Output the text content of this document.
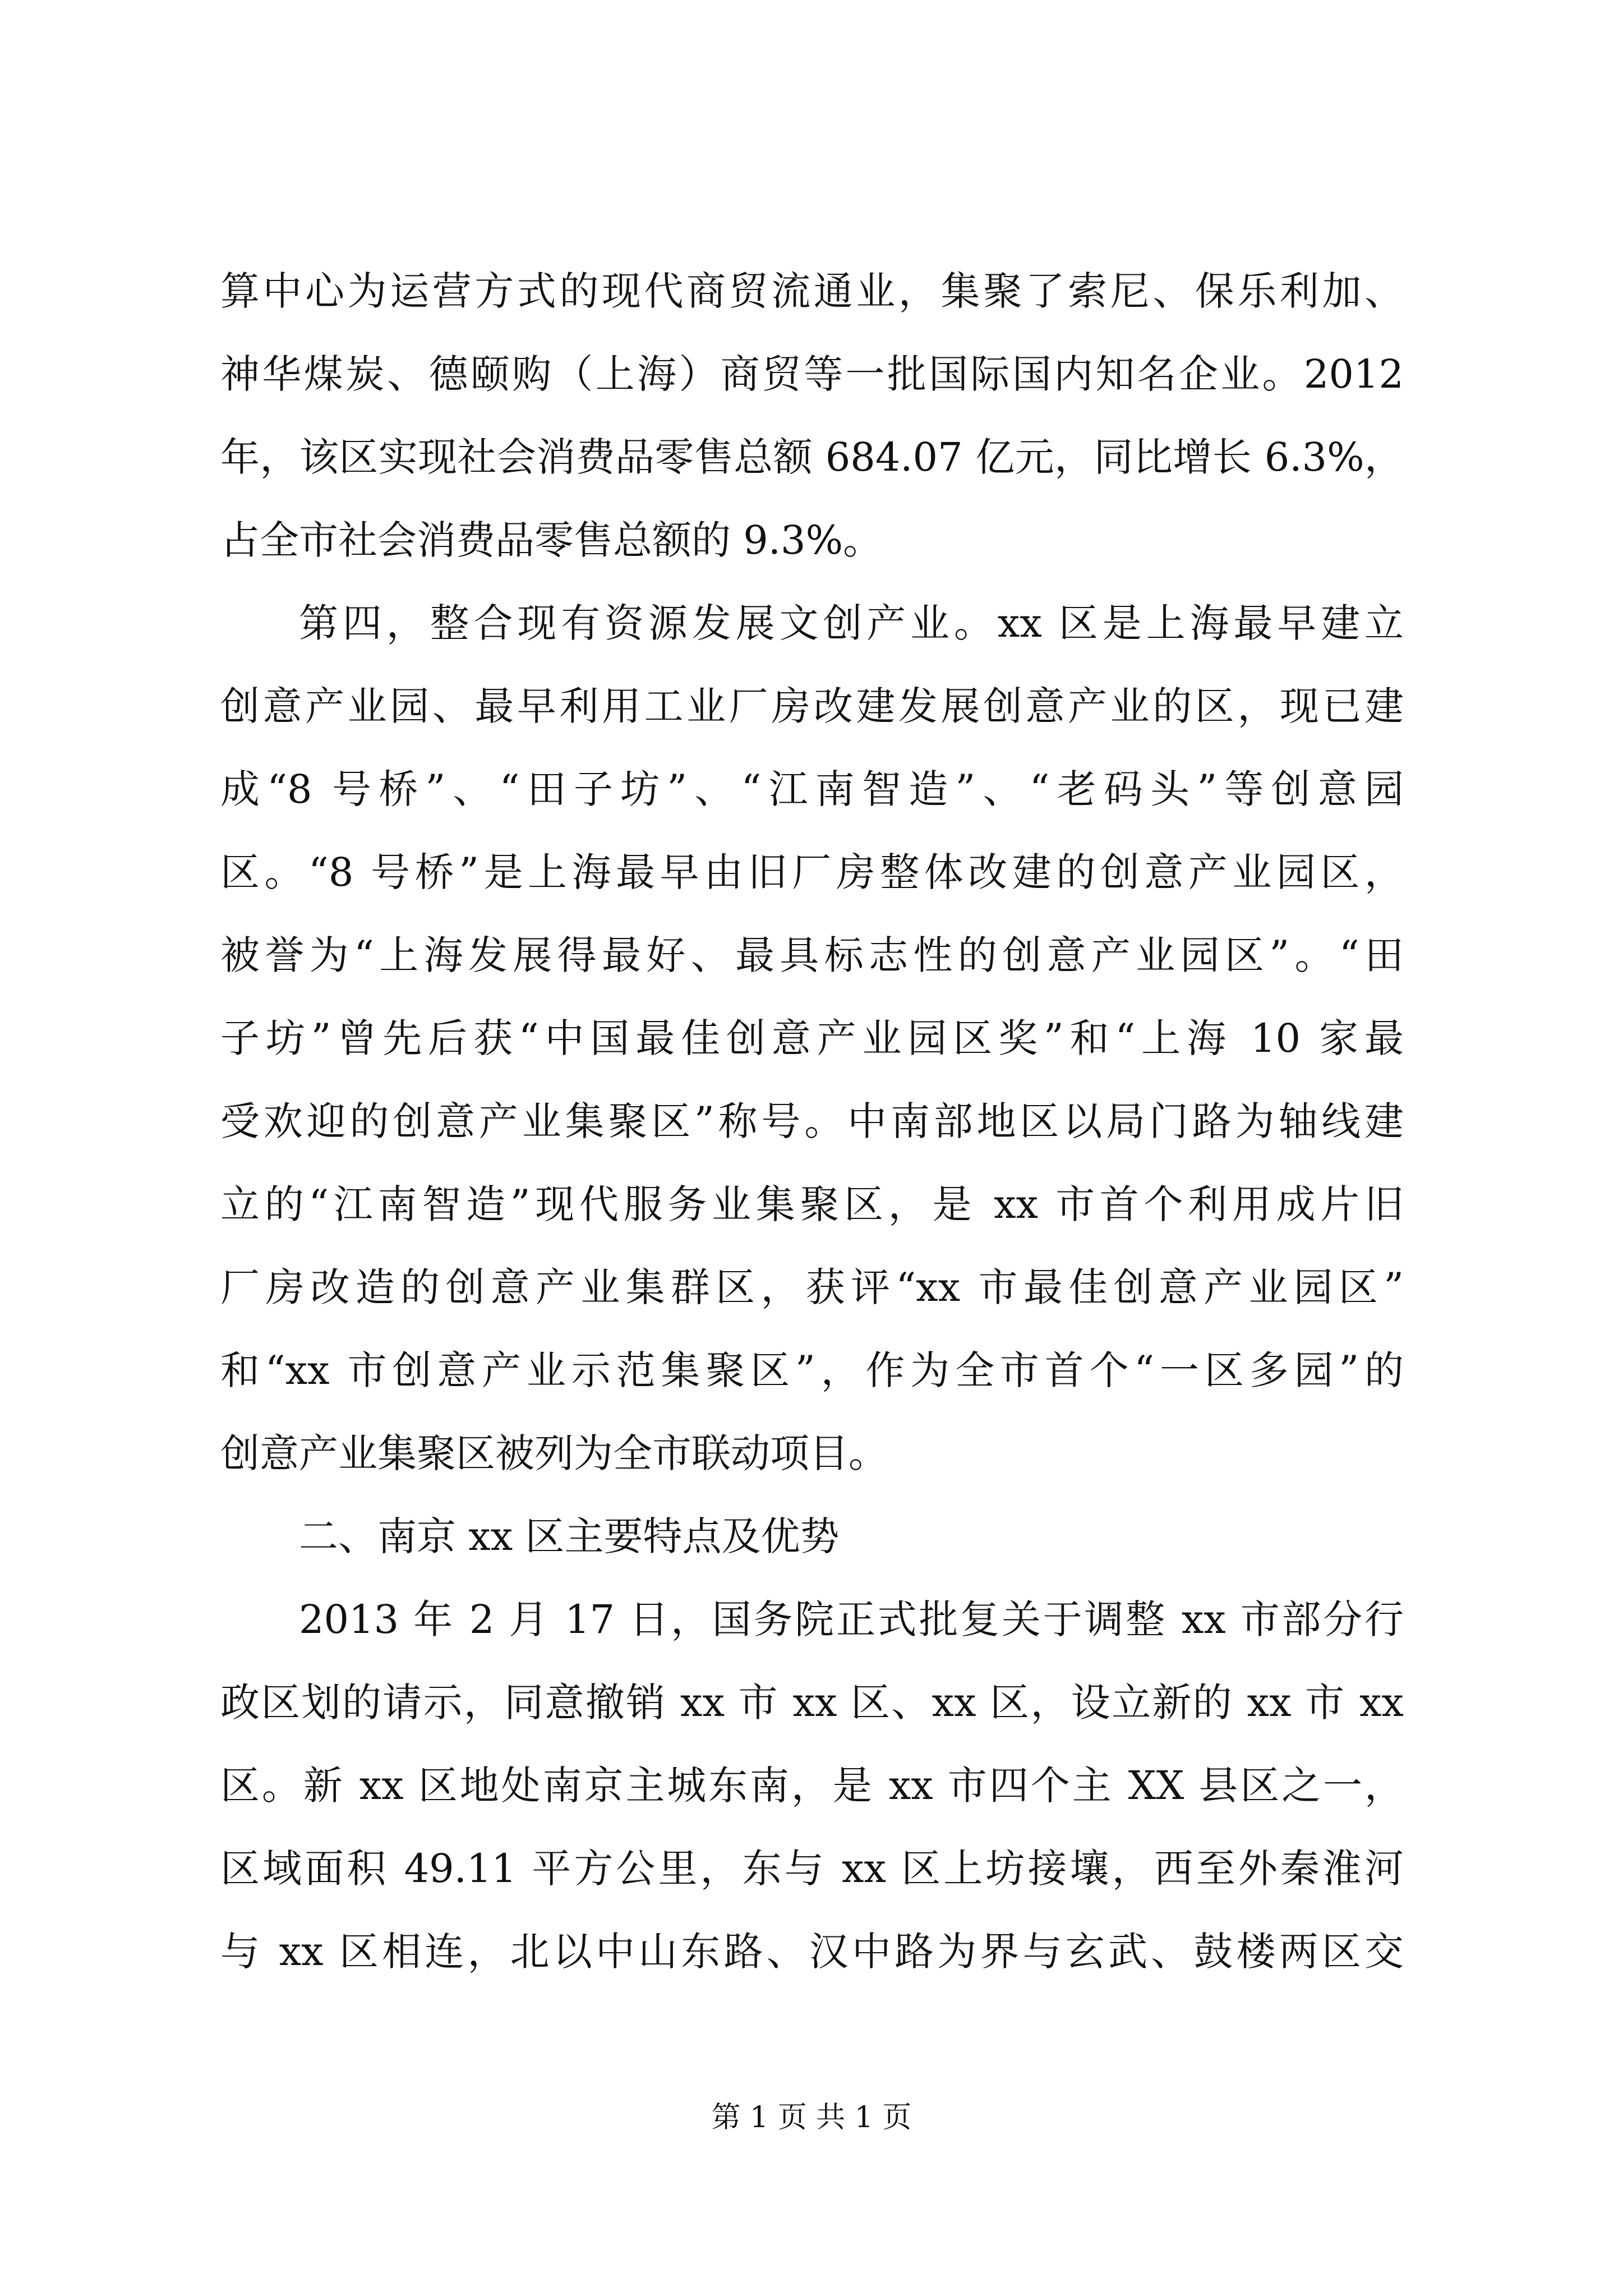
算中心为运营方式的现代商贸流通业，集聚了索尼、保乐利加、
神华煤炭、德颐购（上海）商贸等一批国际国内知名企业。2012
年，该区实现社会消费品零售总额 684.07 亿元，同比增长 6.3%，
占全市社会消费品零售总额的 9.3%。
第四，整合现有资源发展文创产业。xx 区是上海最早建立
创意产业园、最早利用工业厂房改建发展创意产业的区，现已建
成“8 号桥”、“田子坊”、“江南智造”、“老码头”等创意园
区。“8 号桥”是上海最早由旧厂房整体改建的创意产业园区，
被誉为“上海发展得最好、最具标志性的创意产业园区”。“田
子坊”曾先后获“中国最佳创意产业园区奖”和“上海 10 家最
受欢迎的创意产业集聚区”称号。中南部地区以局门路为轴线建
立的“江南智造”现代服务业集聚区，是 xx 市首个利用成片旧
厂房改造的创意产业集群区，获评“xx 市最佳创意产业园区”
和“xx 市创意产业示范集聚区”，作为全市首个“一区多园”的
创意产业集聚区被列为全市联动项目。
二、南京 xx 区主要特点及优势
2013 年 2 月 17 日，国务院正式批复关于调整 xx 市部分行
政区划的请示，同意撤销 xx 市 xx 区、xx 区，设立新的 xx 市 xx
区。新 xx 区地处南京主城东南，是 xx 市四个主 XX 县区之一，
区域面积 49.11 平方公里，东与 xx 区上坊接壤，西至外秦淮河
与 xx 区相连，北以中山东路、汉中路为界与玄武、鼓楼两区交
第 1 页 共 1 页
